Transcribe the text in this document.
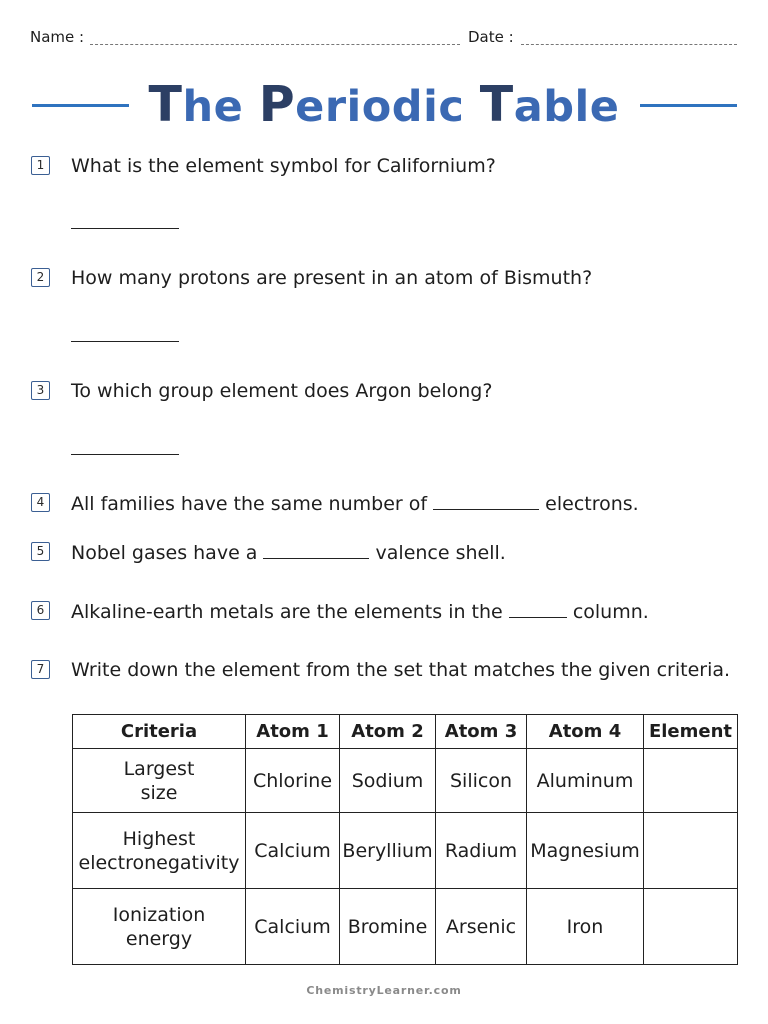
Name :	Date :
The Periodic Table
1 What is the element symbol for Californium?
2 How many protons are present in an atom of Bismuth?
3 To which group element does Argon belong?
4 All families have the same number of	electrons.
5 Nobel gases have a	valence shell.
6 Alkaline-earth metals are the elements in the	column.
7 Write down the element from the set that matches the given criteria.
Criteria	Atom 1	Atom 2	Atom 3	Atom 4	Element
Largest
size	Chlorine	Sodium	Silicon	Aluminum	
Highest
electronegativity	Calcium	Beryllium	Radium	Magnesium	
Ionization
energy	Calcium	Bromine	Arsenic	Iron	
ChemistryLearner.com
